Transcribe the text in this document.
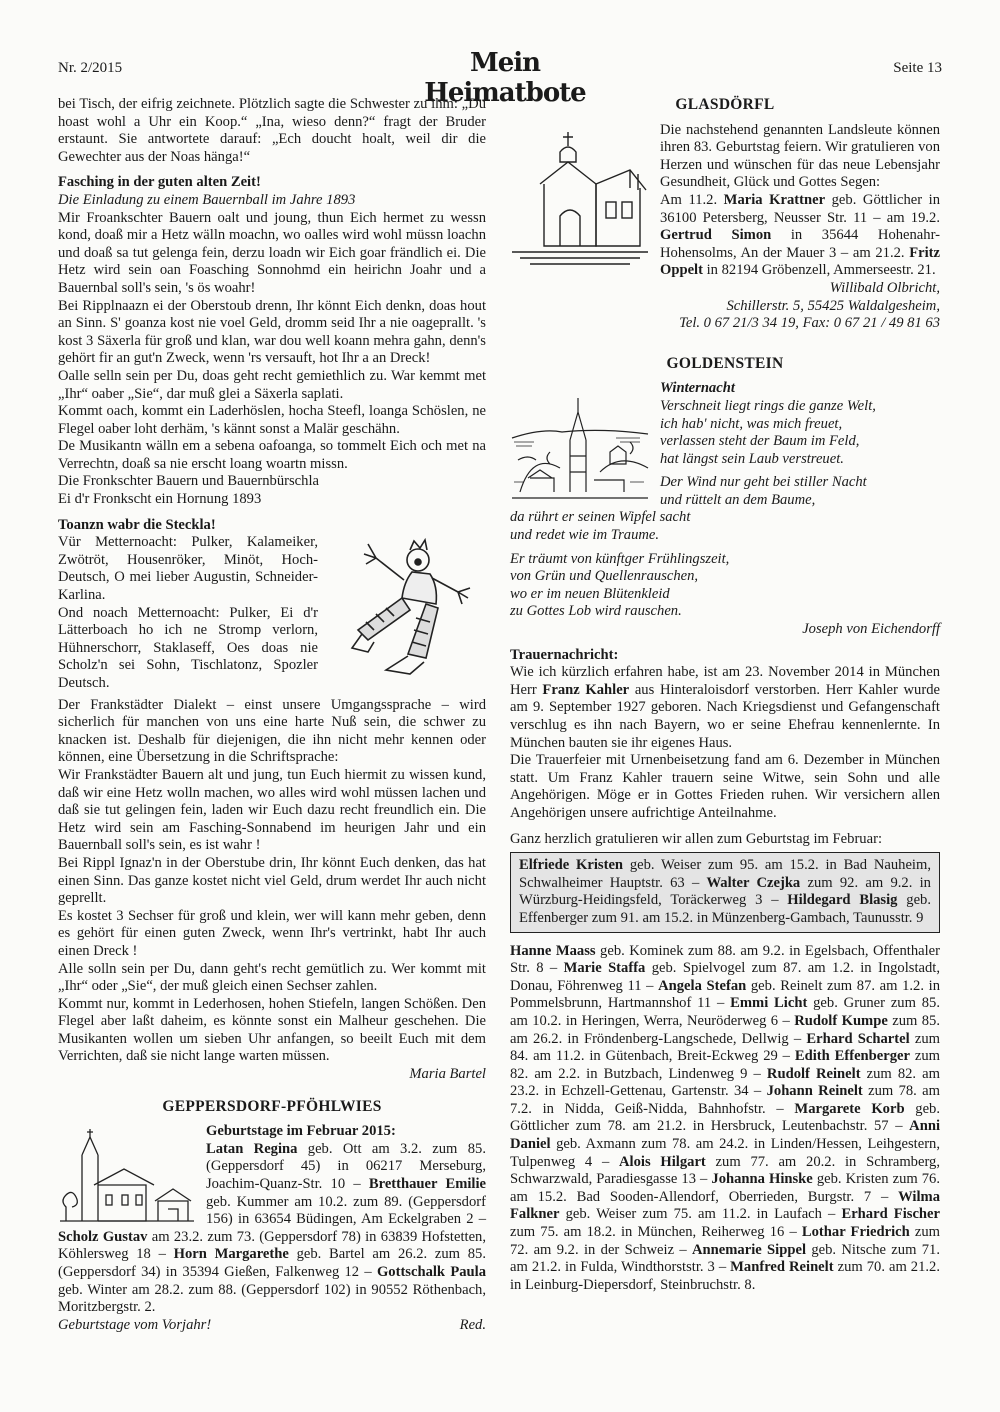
Nr. 2/2015	Mein Heimatbote
Seite 13

bei Tisch, der eifrig zeichnete. Plötzlich sagte die Schwester zu ihm: „Du hoast wohl a Uhr ein Koop.“ „Ina, wieso denn?“ fragt der Bruder erstaunt. Sie antwortete darauf: „Ech doucht hoalt, weil dir die Gewechter aus der Noas hänga!“

Fasching in der guten alten Zeit!

Die Einladung zu einem Bauernball im Jahre 1893

Mir Froankschter Bauern oalt und joung, thun Eich hermet zu wessn kond, doaß mir a Hetz wälln moachn, wo oalles wird wohl müssn loachn und doaß sa tut gelenga fein, derzu loadn wir Eich goar frändlich ei. Die Hetz wird sein oan Foasching Sonnohmd ein heirichn Joahr und a Bauernbal soll's sein, 's ös woahr!

Bei Ripplnaazn ei der Oberstoub drenn, Ihr könnt Eich denkn, doas hout an Sinn. S' goanza kost nie voel Geld, dromm seid Ihr a nie oageprallt. 's kost 3 Säxerla für groß und klan, war dou well koann mehra gahn, denn's gehört fir an gut'n Zweck, wenn 'rs versauft, hot Ihr a an Dreck!

Oalle selln sein per Du, doas geht recht gemiethlich zu. War kemmt met „Ihr“ oaber „Sie“, dar muß glei a Säxerla saplati.

Kommt oach, kommt ein Laderhöslen, hocha Steefl, loanga Schöslen, ne Flegel oaber loht derhäm, 's kännt sonst a Malär geschähn.

De Musikantn wälln em a sebena oafoanga, so tommelt Eich och met na Verrechtn, doaß sa nie erscht loang woartn missn.

Die Fronkschter Bauern und Bauernbürschla

Ei d'r Fronkscht ein Hornung 1893

Toanzn wabr die Steckla!

Vür Metternoacht: Pulker, Kalameiker, Zwötröt, Housenröker, Minöt, Hoch-Deutsch, O mei lieber Augustin, Schneider-Karlina.

Ond noach Metternoacht: Pulker, Ei d'r Lätterboach ho ich ne Stromp verlorn, Hühnerschorr, Staklaseff, Oes doas nie Scholz'n sei Sohn, Tischlatonz, Spozler Deutsch.

Der Frankstädter Dialekt – einst unsere Umgangssprache – wird sicherlich für manchen von uns eine harte Nuß sein, die schwer zu knacken ist. Deshalb für diejenigen, die ihn nicht mehr kennen oder können, eine Übersetzung in die Schriftsprache:

Wir Frankstädter Bauern alt und jung, tun Euch hiermit zu wissen kund, daß wir eine Hetz wolln machen, wo alles wird wohl müssen lachen und daß sie tut gelingen fein, laden wir Euch dazu recht freundlich ein. Die Hetz wird sein am Fasching-Sonnabend im heurigen Jahr und ein Bauernball soll's sein, es ist wahr !

Bei Rippl Ignaz'n in der Oberstube drin, Ihr könnt Euch denken, das hat einen Sinn. Das ganze kostet nicht viel Geld, drum werdet Ihr auch nicht geprellt.

Es kostet 3 Sechser für groß und klein, wer will kann mehr geben, denn es gehört für einen guten Zweck, wenn Ihr's vertrinkt, habt Ihr auch einen Dreck !

Alle solln sein per Du, dann geht's recht gemütlich zu. Wer kommt mit „Ihr“ oder „Sie“, der muß gleich einen Sechser zahlen.

Kommt nur, kommt in Lederhosen, hohen Stiefeln, langen Schößen. Den Flegel aber laßt daheim, es könnte sonst ein Malheur geschehen. Die Musikanten wollen um sieben Uhr anfangen, so beeilt Euch mit dem Verrichten, daß sie nicht lange warten müssen.

Maria Bartel

GEPPERSDORF-PFÖHLWIES

Geburtstage im Februar 2015:

Latan Regina geb. Ott am 3.2. zum 85. (Geppersdorf 45) in 06217 Merseburg, Joachim-Quanz-Str. 10 – Bretthauer Emilie geb. Kummer am 10.2. zum 89. (Geppersdorf 156) in 63654 Büdingen, Am Eckelgraben 2 – Scholz Gustav am 23.2. zum 73. (Geppersdorf 78) in 63839 Hofstetten, Köhlersweg 18 – Horn Margarethe geb. Bartel am 26.2. zum 85. (Geppersdorf 34) in 35394 Gießen, Falkenweg 12 – Gottschalk Paula geb. Winter am 28.2. zum 88. (Geppersdorf 102) in 90552 Röthenbach, Moritzbergstr. 2.

Geburtstage vom Vorjahr!	Red.

GLASDÖRFL

Die nachstehend genannten Landsleute können ihren 83. Geburtstag feiern. Wir gratulieren von Herzen und wünschen für das neue Lebensjahr Gesundheit, Glück und Gottes Segen:

Am 11.2. Maria Krattner geb. Göttlicher in 36100 Petersberg, Neusser Str. 11 – am 19.2. Gertrud Simon in 35644 Hohenahr-Hohensolms, An der Mauer 3 – am 21.2. Fritz Oppelt in 82194 Gröbenzell, Ammerseestr. 21.

Willibald Olbricht,

Schillerstr. 5, 55425 Waldalgesheim,

Tel. 0 67 21/3 34 19, Fax: 0 67 21 / 49 81 63

GOLDENSTEIN

Winternacht

Verschneit liegt rings die ganze Welt,
ich hab' nicht, was mich freuet,
verlassen steht der Baum im Feld,
hat längst sein Laub verstreuet.
Der Wind nur geht bei stiller Nacht
und rüttelt an dem Baume,
da rührt er seinen Wipfel sacht
und redet wie im Traume.
Er träumt von künftger Frühlingszeit,
von Grün und Quellenrauschen,
wo er im neuen Blütenkleid
zu Gottes Lob wird rauschen.

Joseph von Eichendorff

Trauernachricht:

Wie ich kürzlich erfahren habe, ist am 23. November 2014 in München Herr Franz Kahler aus Hinteraloisdorf verstorben. Herr Kahler wurde am 9. September 1927 geboren. Nach Kriegsdienst und Gefangenschaft verschlug es ihn nach Bayern, wo er seine Ehefrau kennenlernte. In München bauten sie ihr eigenes Haus.

Die Trauerfeier mit Urnenbeisetzung fand am 6. Dezember in München statt. Um Franz Kahler trauern seine Witwe, sein Sohn und alle Angehörigen. Möge er in Gottes Frieden ruhen. Wir versichern allen Angehörigen unsere aufrichtige Anteilnahme.

Ganz herzlich gratulieren wir allen zum Geburtstag im Februar:

Elfriede Kristen geb. Weiser zum 95. am 15.2. in Bad Nauheim, Schwalheimer Hauptstr. 63 – Walter Czejka zum 92. am 9.2. in Würzburg-Heidingsfeld, Toräckerweg 3 – Hildegard Blasig geb. Effenberger zum 91. am 15.2. in Münzenberg-Gambach, Taunusstr. 9

Hanne Maass geb. Kominek zum 88. am 9.2. in Egelsbach, Offenthaler Str. 8 – Marie Staffa geb. Spielvogel zum 87. am 1.2. in Ingolstadt, Donau, Föhrenweg 11 – Angela Stefan geb. Reinelt zum 87. am 1.2. in Pommelsbrunn, Hartmannshof 11 – Emmi Licht geb. Gruner zum 85. am 10.2. in Heringen, Werra, Neuröderweg 6 – Rudolf Kumpe zum 85. am 26.2. in Fröndenberg-Langschede, Dellwig – Erhard Schartel zum 84. am 11.2. in Gütenbach, Breit-Eckweg 29 – Edith Effenberger zum 82. am 2.2. in Butzbach, Lindenweg 9 – Rudolf Reinelt zum 82. am 23.2. in Echzell-Gettenau, Gartenstr. 34 – Johann Reinelt zum 78. am 7.2. in Nidda, Geiß-Nidda, Bahnhofstr. – Margarete Korb geb. Göttlicher zum 78. am 21.2. in Hersbruck, Leutenbachstr. 57 – Anni Daniel geb. Axmann zum 78. am 24.2. in Linden/Hessen, Leihgestern, Tulpenweg 4 – Alois Hilgart zum 77. am 20.2. in Schramberg, Schwarzwald, Paradiesgasse 13 – Johanna Hinske geb. Kristen zum 76. am 15.2. Bad Sooden-Allendorf, Oberrieden, Burgstr. 7 – Wilma Falkner geb. Weiser zum 75. am 11.2. in Laufach – Erhard Fischer zum 75. am 18.2. in München, Reiherweg 16 – Lothar Friedrich zum 72. am 9.2. in der Schweiz – Annemarie Sippel geb. Nitsche zum 71. am 21.2. in Fulda, Windthorststr. 3 – Manfred Reinelt zum 70. am 21.2. in Leinburg-Diepersdorf, Steinbruchstr. 8.
